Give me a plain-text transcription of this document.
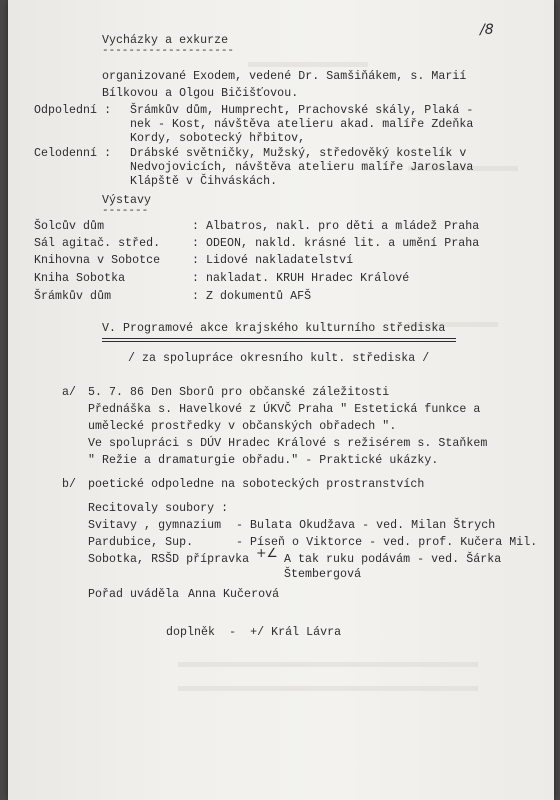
/8
Vycházky a exkurze
--------------------
organizované Exodem, vedené Dr. Samšiňákem, s. Marií
Bílkovou a Olgou Bičišťovou.
Odpolední : Šrámkův dům, Humprecht, Prachovské skály, Plaká -
nek - Kost, návštěva atelieru akad. malíře Zdeňka
Kordy, sobotecký hřbitov,
Celodenní : Drábské světničky, Mužský, středověký kostelík v
Nedvojovicích, návštěva atelieru malíře Jaroslava
Klápště v Čihváskách.
Výstavy
-------
Šolcův dům	: Albatros, nakl. pro děti a mládež Praha
Sál agitač. střed.	: ODEON, nakld. krásné lit. a umění Praha
Knihovna v Sobotce	: Lidové nakladatelství
Kniha Sobotka	: nakladat. KRUH Hradec Králové
Šrámkův dům	: Z dokumentů AFŠ
V. Programové akce krajského kulturního střediska
/ za spolupráce okresního kult. střediska /
a/ 5. 7. 86 Den Sborů pro občanské záležitosti
Přednáška s. Havelkové z ÚKVČ Praha " Estetická funkce a
umělecké prostředky v občanských obřadech ".
Ve spolupráci s DÚV Hradec Králové s režisérem s. Staňkem
" Režie a dramaturgie obřadu." - Praktické ukázky.
b/ poetické odpoledne na soboteckých prostranstvích
Recitovaly soubory :
Svitavy , gymnazium - Bulata Okudžava - ved. Milan Štrych
Pardubice, Sup.	- Píseň o Viktorce - ved. prof. Kučera Mil.
Sobotka, RSŠD přípravka +∠ A tak ruku podávám - ved. Šárka
Štembergová
Pořad uváděla Anna Kučerová
doplněk  -  +/ Král Lávra
